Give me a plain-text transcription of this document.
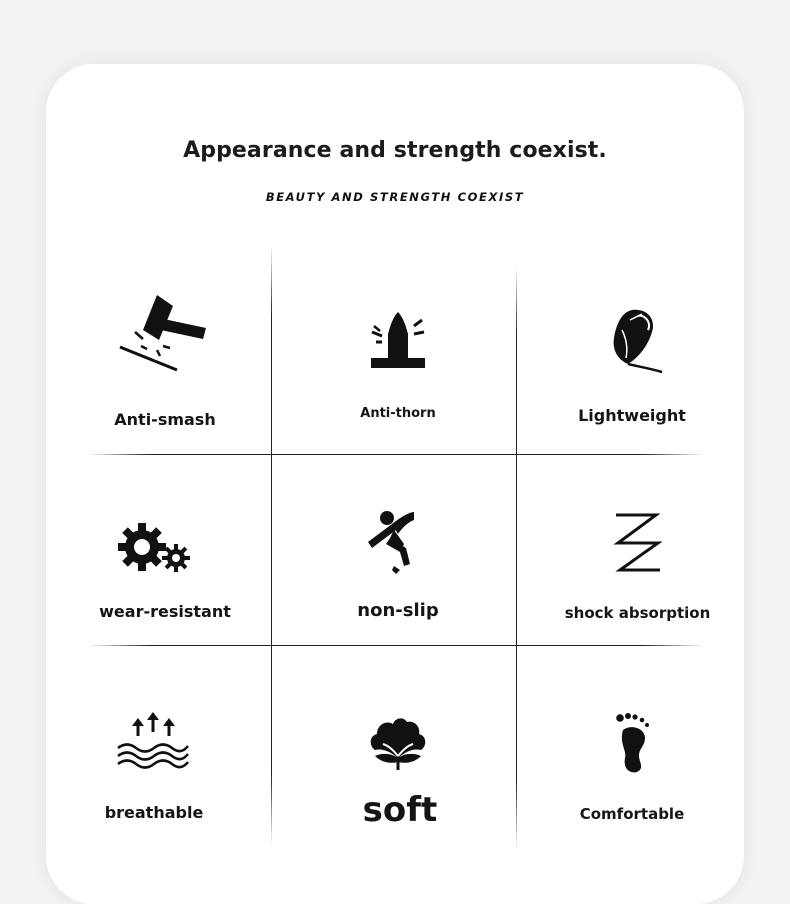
Appearance and strength coexist.
BEAUTY AND STRENGTH COEXIST
Anti-smash	Anti-thorn	Lightweight
wear-resistant	non-slip	shock absorption
breathable	soft	Comfortable
